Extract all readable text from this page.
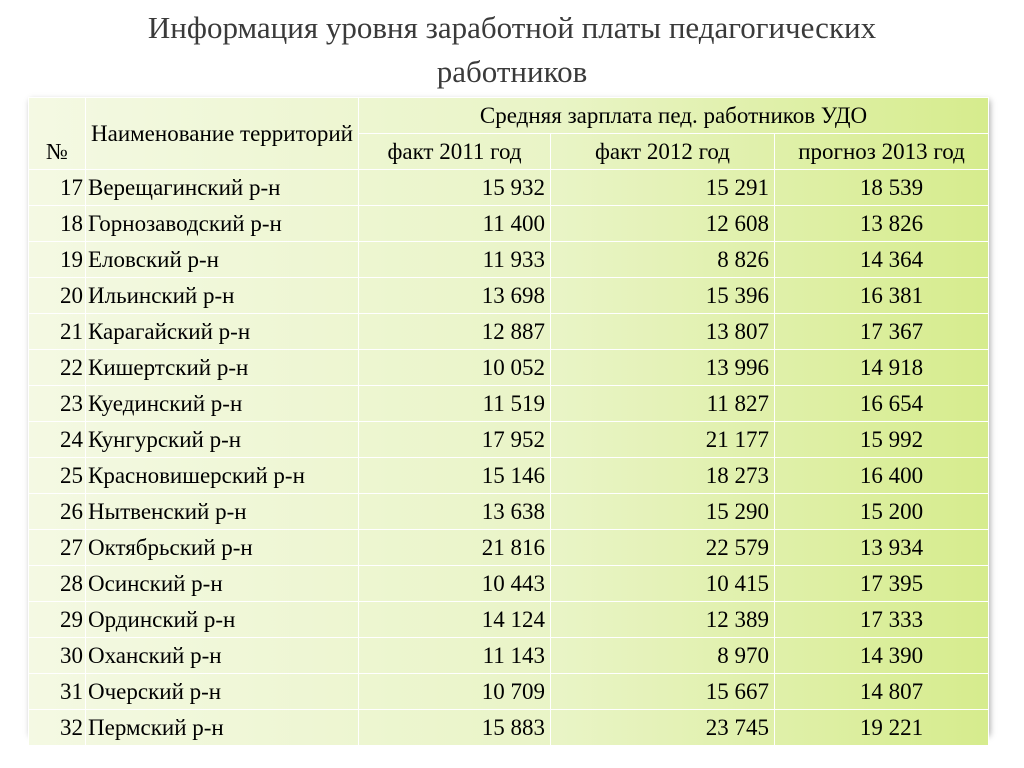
Информация уровня заработной платы педагогических
работников
№	Наименование территорий	Средняя зарплата пед. работников УДО		
		факт 2011 год	факт 2012 год	прогноз 2013 год
17	Верещагинский р-н	15 932	15 291	18 539
18	Горнозаводский р-н	11 400	12 608	13 826
19	Еловский р-н	11 933	8 826	14 364
20	Ильинский р-н	13 698	15 396	16 381
21	Карагайский р-н	12 887	13 807	17 367
22	Кишертский р-н	10 052	13 996	14 918
23	Куединский р-н	11 519	11 827	16 654
24	Кунгурский р-н	17 952	21 177	15 992
25	Красновишерский р-н	15 146	18 273	16 400
26	Нытвенский р-н	13 638	15 290	15 200
27	Октябрьский р-н	21 816	22 579	13 934
28	Осинский р-н	10 443	10 415	17 395
29	Ординский р-н	14 124	12 389	17 333
30	Оханский р-н	11 143	8 970	14 390
31	Очерский р-н	10 709	15 667	14 807
32	Пермский р-н	15 883	23 745	19 221
